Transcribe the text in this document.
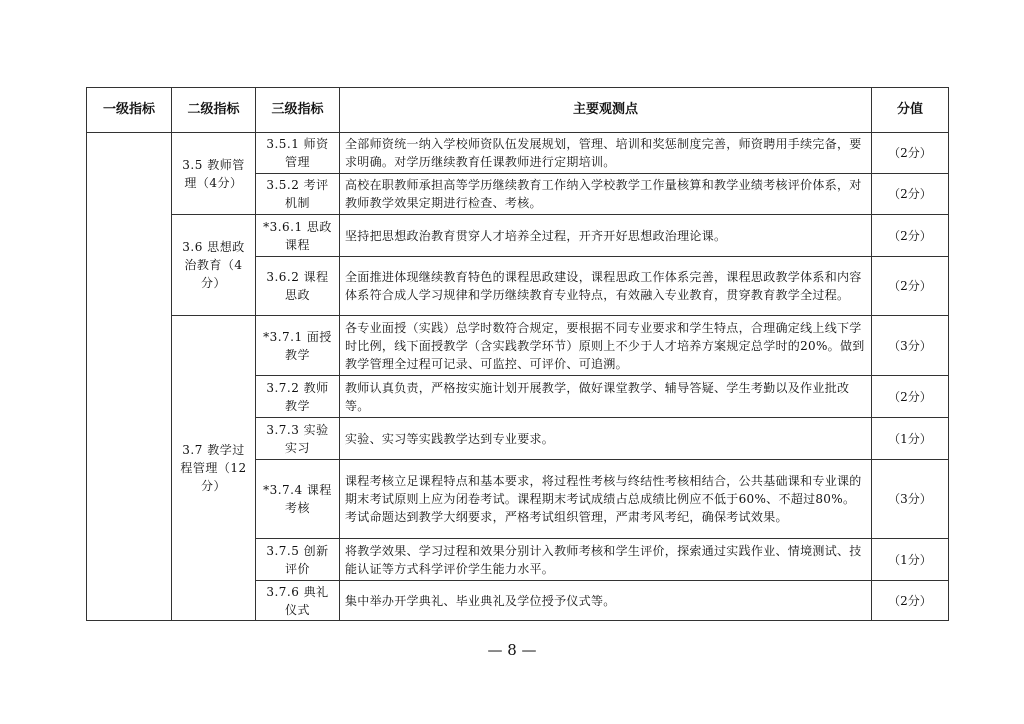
一级指标	二级指标	三级指标	主要观测点	分值
	3.5 教师管理（4分）	3.5.1 师资管理	全部师资统一纳入学校师资队伍发展规划，管理、培训和奖惩制度完善，师资聘用手续完备，要求明确。对学历继续教育任课教师进行定期培训。	（2分）
		3.5.2 考评机制	高校在职教师承担高等学历继续教育工作纳入学校教学工作量核算和教学业绩考核评价体系，对教师教学效果定期进行检查、考核。	（2分）
	3.6 思想政治教育（4分）	*3.6.1 思政课程	坚持把思想政治教育贯穿人才培养全过程，开齐开好思想政治理论课。	（2分）
		3.6.2 课程思政	全面推进体现继续教育特色的课程思政建设，课程思政工作体系完善，课程思政教学体系和内容体系符合成人学习规律和学历继续教育专业特点，有效融入专业教育，贯穿教育教学全过程。	（2分）
	3.7 教学过程管理（12分）	*3.7.1 面授教学	各专业面授（实践）总学时数符合规定，要根据不同专业要求和学生特点，合理确定线上线下学时比例，线下面授教学（含实践教学环节）原则上不少于人才培养方案规定总学时的20%。做到教学管理全过程可记录、可监控、可评价、可追溯。	（3分）
		3.7.2 教师教学	教师认真负责，严格按实施计划开展教学，做好课堂教学、辅导答疑、学生考勤以及作业批改等。	（2分）
		3.7.3 实验实习	实验、实习等实践教学达到专业要求。	（1分）
		*3.7.4 课程考核	课程考核立足课程特点和基本要求，将过程性考核与终结性考核相结合，公共基础课和专业课的期末考试原则上应为闭卷考试。课程期末考试成绩占总成绩比例应不低于60%、不超过80%。考试命题达到教学大纲要求，严格考试组织管理，严肃考风考纪，确保考试效果。	（3分）
		3.7.5 创新评价	将教学效果、学习过程和效果分别计入教师考核和学生评价，探索通过实践作业、情境测试、技能认证等方式科学评价学生能力水平。	（1分）
		3.7.6 典礼仪式	集中举办开学典礼、毕业典礼及学位授予仪式等。	（2分）
— 8 —
